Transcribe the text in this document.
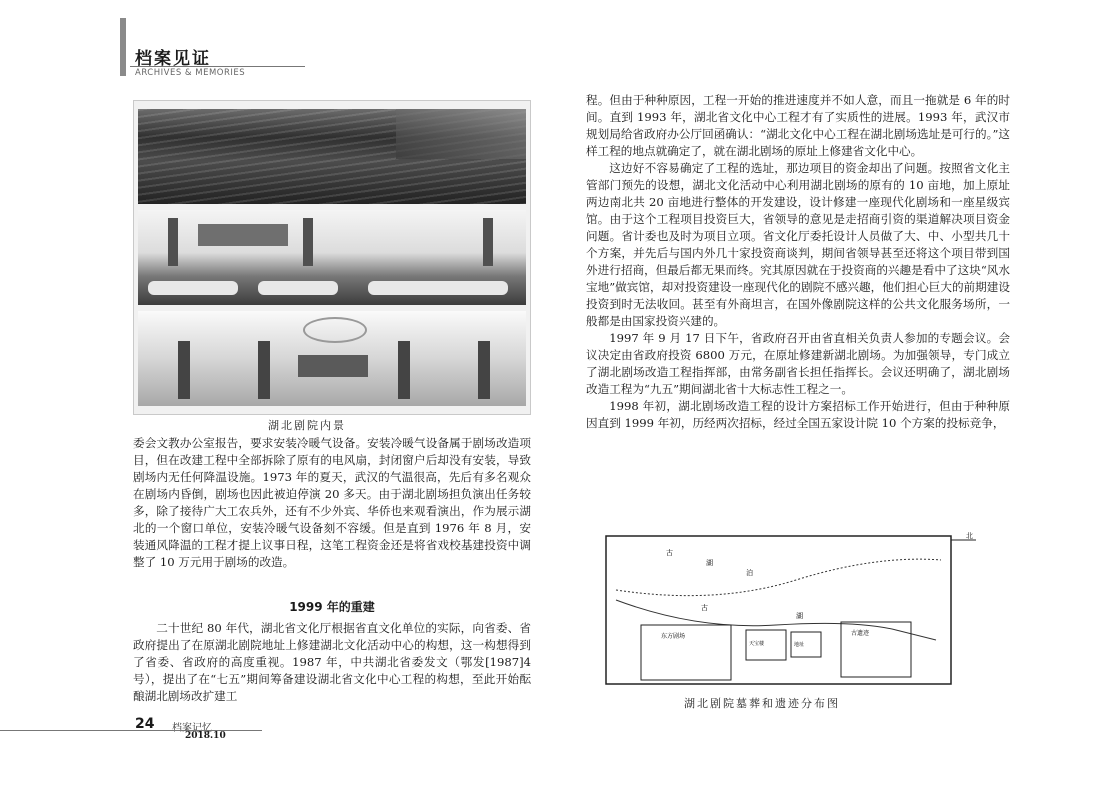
档案见证
ARCHIVES & MEMORIES
湖北剧院内景

委会文教办公室报告，要求安装冷暖气设备。安装冷暖气设备属于剧场改造项目，但在改建工程中全部拆除了原有的电风扇，封闭窗户后却没有安装，导致剧场内无任何降温设施。1973 年的夏天，武汉的气温很高，先后有多名观众在剧场内昏倒，剧场也因此被迫停演 20 多天。由于湖北剧场担负演出任务较多，除了接待广大工农兵外，还有不少外宾、华侨也来观看演出，作为展示湖北的一个窗口单位，安装冷暖气设备刻不容缓。但是直到 1976 年 8 月，安装通风降温的工程才提上议事日程，这笔工程资金还是将省戏校基建投资中调整了 10 万元用于剧场的改造。

1999 年的重建

二十世纪 80 年代，湖北省文化厅根据省直文化单位的实际，向省委、省政府提出了在原湖北剧院地址上修建湖北文化活动中心的构想，这一构想得到了省委、省政府的高度重视。1987 年，中共湖北省委发文（鄂发[1987]4 号），提出了在“七五”期间筹备建设湖北省文化中心工程的构想，至此开始酝酿湖北剧场改扩建工

程。但由于种种原因，工程一开始的推进速度并不如人意，而且一拖就是 6 年的时间。直到 1993 年，湖北省文化中心工程才有了实质性的进展。1993 年，武汉市规划局给省政府办公厅回函确认：“湖北文化中心工程在湖北剧场选址是可行的。”这样工程的地点就确定了，就在湖北剧场的原址上修建省文化中心。

这边好不容易确定了工程的选址，那边项目的资金却出了问题。按照省文化主管部门预先的设想，湖北文化活动中心利用湖北剧场的原有的 10 亩地，加上原址两边南北共 20 亩地进行整体的开发建设，设计修建一座现代化剧场和一座星级宾馆。由于这个工程项目投资巨大，省领导的意见是走招商引资的渠道解决项目资金问题。省计委也及时为项目立项。省文化厅委托设计人员做了大、中、小型共几十个方案，并先后与国内外几十家投资商谈判，期间省领导甚至还将这个项目带到国外进行招商，但最后都无果而终。究其原因就在于投资商的兴趣是看中了这块“风水宝地”做宾馆，却对投资建设一座现代化的剧院不感兴趣，他们担心巨大的前期建设投资到时无法收回。甚至有外商坦言，在国外像剧院这样的公共文化服务场所，一般都是由国家投资兴建的。

1997 年 9 月 17 日下午，省政府召开由省直相关负责人参加的专题会议。会议决定由省政府投资 6800 万元，在原址修建新湖北剧场。为加强领导，专门成立了湖北剧场改造工程指挥部，由常务副省长担任指挥长。会议还明确了，湖北剧场改造工程为“九五”期间湖北省十大标志性工程之一。

1998 年初，湖北剧场改造工程的设计方案招标工作开始进行，但由于种种原因直到 1999 年初，历经两次招标，经过全国五家设计院 10 个方案的投标竞争，

北
古
湖
泊
古
湖
东方剧场
天宝楼	地址
古遗迹
湖北剧院墓葬和遗迹分布图
24 档案记忆
2018.10
